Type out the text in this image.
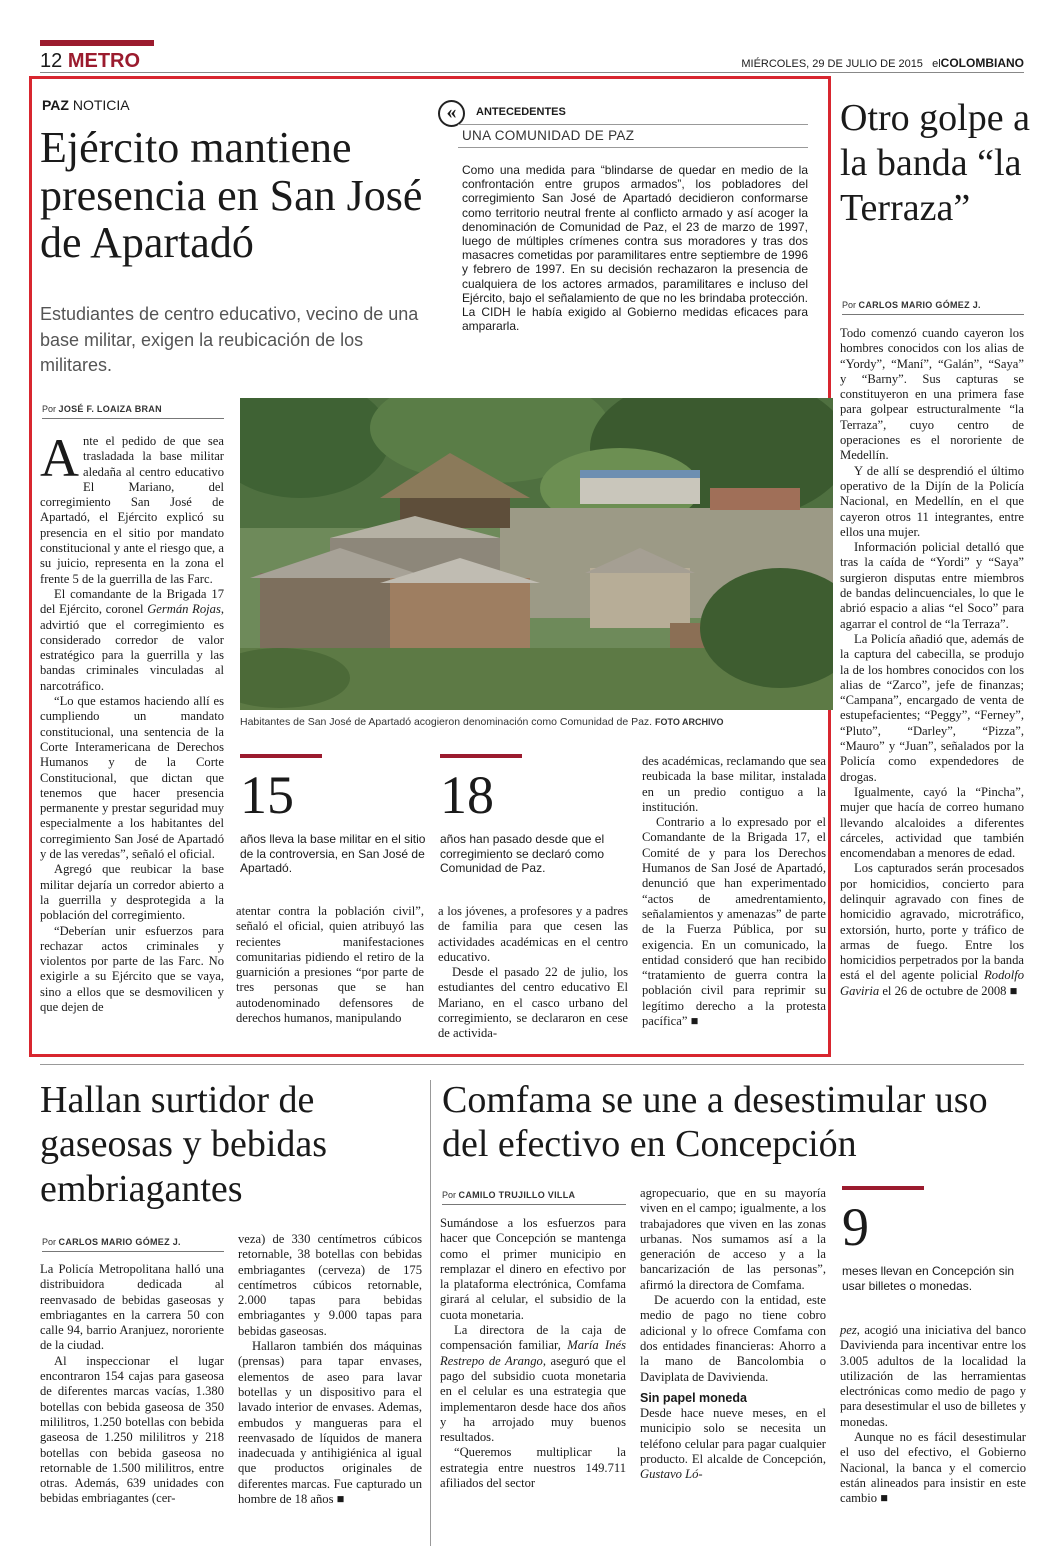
12 METRO	MIÉRCOLES, 29 DE JULIO DE 2015 elCOLOMBIANO
PAZ NOTICIA
Ejército mantiene presencia en San José de Apartadó
Estudiantes de centro educativo, vecino de una base militar, exigen la reubicación de los militares.
Por JOSÉ F. LOAIZA BRAN

Ante el pedido de que sea trasladada la base militar aledaña al centro educativo El Mariano, del corregimiento San José de Apartadó, el Ejército explicó su presencia en el sitio por mandato constitucional y ante el riesgo que, a su juicio, representa en la zona el frente 5 de la guerrilla de las Farc.

El comandante de la Brigada 17 del Ejército, coronel Germán Rojas, advirtió que el corregimiento es considerado corredor de valor estratégico para la guerrilla y las bandas criminales vinculadas al narcotráfico.

“Lo que estamos haciendo allí es cumpliendo un mandato constitucional, una sentencia de la Corte Interamericana de Derechos Humanos y de la Corte Constitucional, que dictan que tenemos que hacer presencia permanente y prestar seguridad muy especialmente a los habitantes del corregimiento San José de Apartadó y de las veredas”, señaló el oficial.

Agregó que reubicar la base militar dejaría un corredor abierto a la guerrilla y desprotegida a la población del corregimiento.

“Deberían unir esfuerzos para rechazar actos criminales y violentos por parte de las Farc. No exigirle a su Ejército que se vaya, sino a ellos que se desmovilicen y que dejen de

«	ANTECEDENTES
UNA COMUNIDAD DE PAZ
Como una medida para “blindarse de quedar en medio de la confrontación entre grupos armados”, los pobladores del corregimiento San José de Apartadó decidieron conformarse como territorio neutral frente al conflicto armado y así acoger la denominación de Comunidad de Paz, el 23 de marzo de 1997, luego de múltiples crímenes contra sus moradores y tras dos masacres cometidas por paramilitares entre septiembre de 1996 y febrero de 1997. En su decisión rechazaron la presencia de cualquiera de los actores armados, paramilitares e incluso del Ejército, bajo el señalamiento de que no les brindaba protección. La CIDH le había exigido al Gobierno medidas eficaces para ampararla.
Habitantes de San José de Apartadó acogieron denominación como Comunidad de Paz. FOTO ARCHIVO
15
años lleva la base militar en el sitio de la controversia, en San José de Apartadó.
18
años han pasado desde que el corregimiento se declaró como Comunidad de Paz.

atentar contra la población civil”, señaló el oficial, quien atribuyó las recientes manifestaciones comunitarias pidiendo el retiro de la guarnición a presiones “por parte de tres personas que se han autodenominado defensores de derechos humanos, manipulando

a los jóvenes, a profesores y a padres de familia para que cesen las actividades académicas en el centro educativo.

Desde el pasado 22 de julio, los estudiantes del centro educativo El Mariano, en el casco urbano del corregimiento, se declararon en cese de activida-

des académicas, reclamando que sea reubicada la base militar, instalada en un predio contiguo a la institución.

Contrario a lo expresado por el Comandante de la Brigada 17, el Comité de y para los Derechos Humanos de San José de Apartadó, denunció que han experimentado “actos de amedrentamiento, señalamientos y amenazas” de parte de la Fuerza Pública, por su exigencia. En un comunicado, la entidad consideró que han recibido “tratamiento de guerra contra la población civil para reprimir su legítimo derecho a la protesta pacífica” ■

Otro golpe a la banda “la Terraza”
Por CARLOS MARIO GÓMEZ J.

Todo comenzó cuando cayeron los hombres conocidos con los alias de “Yordy”, “Maní”, “Galán”, “Saya” y “Barny”. Sus capturas se constituyeron en una primera fase para golpear estructuralmente “la Terraza”, cuyo centro de operaciones es el nororiente de Medellín.

Y de allí se desprendió el último operativo de la Dijín de la Policía Nacional, en Medellín, en el que cayeron otros 11 integrantes, entre ellos una mujer.

Información policial detalló que tras la caída de “Yordi” y “Saya” surgieron disputas entre miembros de bandas delincuenciales, lo que le abrió espacio a alias “el Soco” para agarrar el control de “la Terraza”.

La Policía añadió que, además de la captura del cabecilla, se produjo la de los hombres conocidos con los alias de “Zarco”, jefe de finanzas; “Campana”, encargado de venta de estupefacientes; “Peggy”, “Ferney”, “Pluto”, “Darley”, “Pizza”, “Mauro” y “Juan”, señalados por la Policía como expendedores de drogas.

Igualmente, cayó la “Pincha”, mujer que hacía de correo humano llevando alcaloides a diferentes cárceles, actividad que también encomendaban a menores de edad.

Los capturados serán procesados por homicidios, concierto para delinquir agravado con fines de homicidio agravado, microtráfico, extorsión, hurto, porte y tráfico de armas de fuego. Entre los homicidios perpetrados por la banda está el del agente policial Rodolfo Gaviria el 26 de octubre de 2008 ■

Hallan surtidor de gaseosas y bebidas embriagantes
Por CARLOS MARIO GÓMEZ J.

La Policía Metropolitana halló una distribuidora dedicada al reenvasado de bebidas gaseosas y embriagantes en la carrera 50 con calle 94, barrio Aranjuez, nororiente de la ciudad.

Al inspeccionar el lugar encontraron 154 cajas para gaseosa de diferentes marcas vacías, 1.380 botellas con bebida gaseosa de 350 mililitros, 1.250 botellas con bebida gaseosa de 1.250 mililitros y 218 botellas con bebida gaseosa no retornable de 1.500 mililitros, entre otras. Además, 639 unidades con bebidas embriagantes (cer-

veza) de 330 centímetros cúbicos retornable, 38 botellas con bebidas embriagantes (cerveza) de 175 centímetros cúbicos retornable, 2.000 tapas para bebidas embriagantes y 9.000 tapas para bebidas gaseosas.

Hallaron también dos máquinas (prensas) para tapar envases, elementos de aseo para lavar botellas y un dispositivo para el lavado interior de envases. Ademas, embudos y mangueras para el reenvasado de líquidos de manera inadecuada y antihigiénica al igual que productos originales de diferentes marcas. Fue capturado un hombre de 18 años ■

Comfama se une a desestimular uso del efectivo en Concepción
Por CAMILO TRUJILLO VILLA

Sumándose a los esfuerzos para hacer que Concepción se mantenga como el primer municipio en remplazar el dinero en efectivo por la plataforma electrónica, Comfama girará al celular, el subsidio de la cuota monetaria.

La directora de la caja de compensación familiar, María Inés Restrepo de Arango, aseguró que el pago del subsidio cuota monetaria en el celular es una estrategia que implementaron desde hace dos años y ha arrojado muy buenos resultados.

“Queremos multiplicar la estrategia entre nuestros 149.711 afiliados del sector

agropecuario, que en su mayoría viven en el campo; igualmente, a los trabajadores que viven en las zonas urbanas. Nos sumamos así a la generación de acceso y a la bancarización de las personas”, afirmó la directora de Comfama.

De acuerdo con la entidad, este medio de pago no tiene cobro adicional y lo ofrece Comfama con dos entidades financieras: Ahorro a la mano de Bancolombia o Daviplata de Davivienda.

Sin papel moneda

Desde hace nueve meses, en el municipio solo se necesita un teléfono celular para pagar cualquier producto. El alcalde de Concepción, Gustavo Ló-

9
meses llevan en Concepción sin usar billetes o monedas.

pez, acogió una iniciativa del banco Davivienda para incentivar entre los 3.005 adultos de la localidad la utilización de las herramientas electrónicas como medio de pago y para desestimular el uso de billetes y monedas.

Aunque no es fácil desestimular el uso del efectivo, el Gobierno Nacional, la banca y el comercio están alineados para insistir en este cambio ■
